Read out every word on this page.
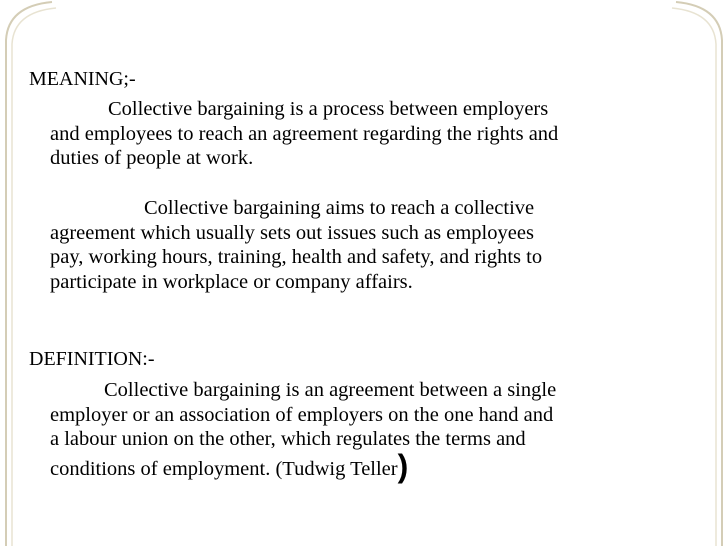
MEANING;-

Collective bargaining is a process between employers
and employees to reach an agreement regarding the rights and
duties of people at work.

Collective bargaining aims to reach a collective
agreement which usually sets out issues such as employees
pay, working hours, training, health and safety, and rights to
participate in workplace or company affairs.

DEFINITION:-

Collective bargaining is an agreement between a single
employer or an association of employers on the one hand and
a labour union on the other, which regulates the terms and
conditions of employment. (Tudwig Teller)
